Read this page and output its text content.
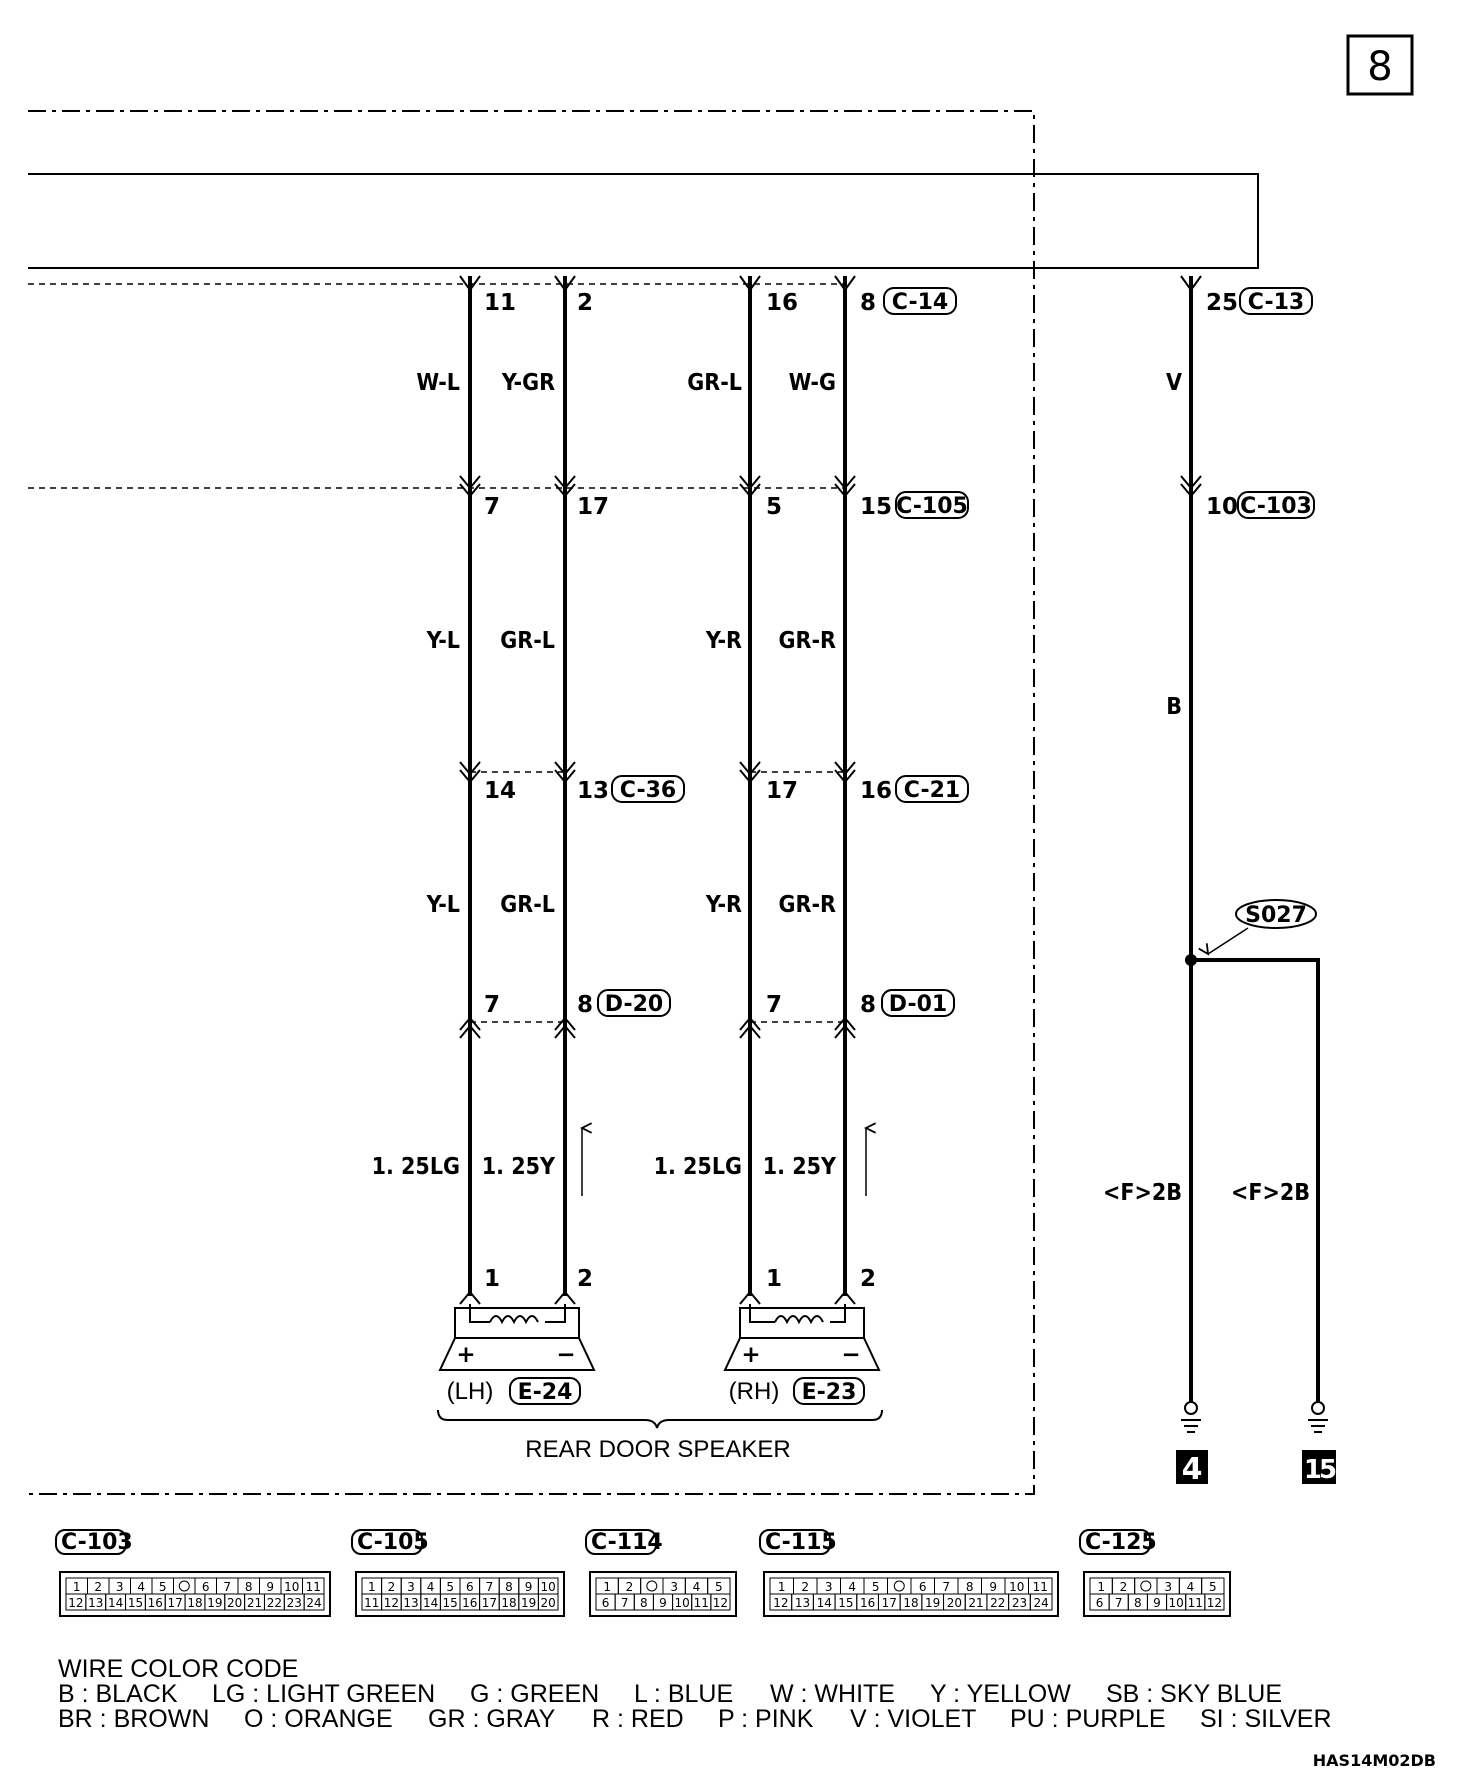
8
11	2	16	8	25
7	17	5	15	10
14	13	17	16
7	8	7	8
1	2	1	2
C-14	C-13
C-105	C-103
C-36	C-21
D-20	D-01
E-24	E-23
W-L Y-GR	GR-L W-G	V
Y-L GR-L	Y-R GR-R
B
Y-L GR-L	Y-R GR-R
1. 25LG 1. 25Y	1. 25LG 1. 25Y
<F>2B <F>2B
S027
+	−	+	−
(LH)	(RH)
REAR DOOR SPEAKER
4	15
C-103
1 2 3 4 5	6 7 8 9 10 11
12 13 14 15 16 17 18 19 20 21 22 23 24
C-105
1 2 3 4 5 6 7 8 9 10
11 12 13 14 15 16 17 18 19 20
C-114
1 2	3 4 5
6 7 8 9 10 11 12
C-115
1 2 3 4 5	6 7 8 9 10 11
12 13 14 15 16 17 18 19 20 21 22 23 24
C-125
1 2	3 4 5
6 7 8 9 10 11 12
WIRE COLOR CODE
B : BLACK LG : LIGHT GREEN G : GREEN L : BLUE W : WHITE Y : YELLOW SB : SKY BLUE
BR : BROWN O : ORANGE GR : GRAY R : RED P : PINK V : VIOLET PU : PURPLE SI : SILVER
HAS14M02DB
